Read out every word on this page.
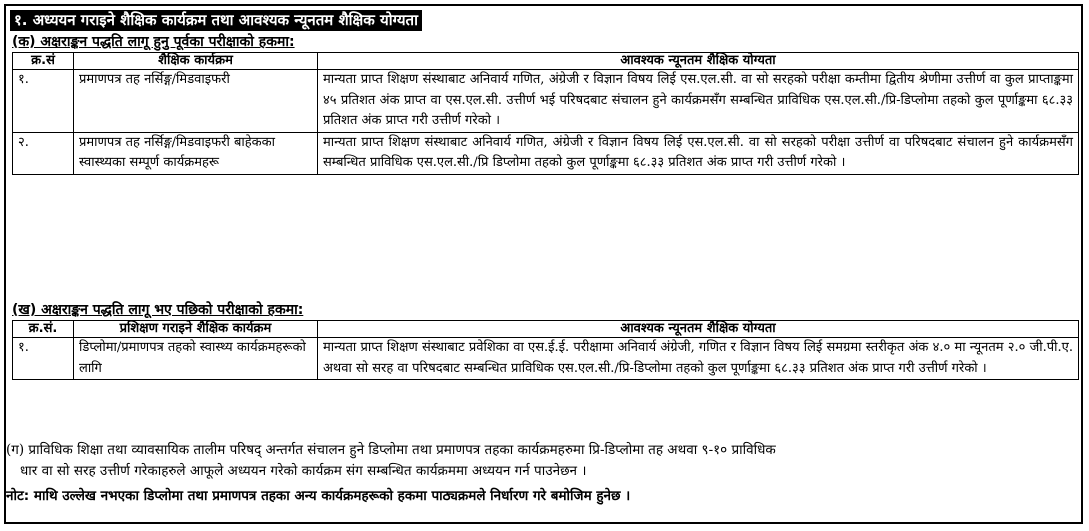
१. अध्ययन गराइने शैक्षिक कार्यक्रम तथा आवश्यक न्यूनतम शैक्षिक योग्यता
(क) अक्षराङ्कन पद्धति लागू हुनु पूर्वका परीक्षाको हकमा:
क्र.सं	शैक्षिक कार्यक्रम	आवश्यक न्यूनतम शैक्षिक योग्यता
१.	प्रमाणपत्र तह नर्सिङ्ग/मिडवाइफरी	मान्यता प्राप्त शिक्षण संस्थाबाट अनिवार्य गणित, अंग्रेजी र विज्ञान विषय लिई एस.एल.सी. वा सो सरहको परीक्षा कम्तीमा द्वितीय श्रेणीमा उत्तीर्ण वा कुल प्राप्ताङ्कमा ४५ प्रतिशत अंक प्राप्त वा एस.एल.सी. उत्तीर्ण भई परिषदबाट संचालन हुने कार्यक्रमसँग सम्बन्धित प्राविधिक एस.एल.सी./प्रि-डिप्लोमा तहको कुल पूर्णाङ्कमा ६८.३३ प्रतिशत अंक प्राप्त गरी उत्तीर्ण गरेको ।
२.	प्रमाणपत्र तह नर्सिङ्ग/मिडवाइफरी बाहेकका स्वास्थ्यका सम्पूर्ण कार्यक्रमहरू	मान्यता प्राप्त शिक्षण संस्थाबाट अनिवार्य गणित, अंग्रेजी र विज्ञान विषय लिई एस.एल.सी. वा सो सरहको परीक्षा उत्तीर्ण वा परिषदबाट संचालन हुने कार्यक्रमसँग सम्बन्धित प्राविधिक एस.एल.सी./प्रि डिप्लोमा तहको कुल पूर्णाङ्कमा ६८.३३ प्रतिशत अंक प्राप्त गरी उत्तीर्ण गरेको ।
(ख) अक्षराङ्कन पद्धति लागू भए पछिको परीक्षाको हकमा:
क्र.सं.	प्रशिक्षण गराइने शैक्षिक कार्यक्रम	आवश्यक न्यूनतम शैक्षिक योग्यता
१.	डिप्लोमा/प्रमाणपत्र तहको स्वास्थ्य कार्यक्रमहरूको लागि	मान्यता प्राप्त शिक्षण संस्थाबाट प्रवेशिका वा एस.ई.ई. परीक्षामा अनिवार्य अंग्रेजी, गणित र विज्ञान विषय लिई समग्रमा स्तरीकृत अंक ४.० मा न्यूनतम २.० जी.पी.ए. अथवा सो सरह वा परिषदबाट सम्बन्धित प्राविधिक एस.एल.सी./प्रि-डिप्लोमा तहको कुल पूर्णाङ्कमा ६८.३३ प्रतिशत अंक प्राप्त गरी उत्तीर्ण गरेको ।
(ग) प्राविधिक शिक्षा तथा व्यावसायिक तालीम परिषद् अन्तर्गत संचालन हुने डिप्लोमा तथा प्रमाणपत्र तहका कार्यक्रमहरुमा प्रि-डिप्लोमा तह अथवा ९-१० प्राविधिक
धार वा सो सरह उत्तीर्ण गरेकाहरुले आफूले अध्ययन गरेको कार्यक्रम संग सम्बन्धित कार्यक्रममा अध्ययन गर्न पाउनेछन ।
नोट: माथि उल्लेख नभएका डिप्लोमा तथा प्रमाणपत्र तहका अन्य कार्यक्रमहरूको हकमा पाठ्यक्रमले निर्धारण गरे बमोजिम हुनेछ ।
